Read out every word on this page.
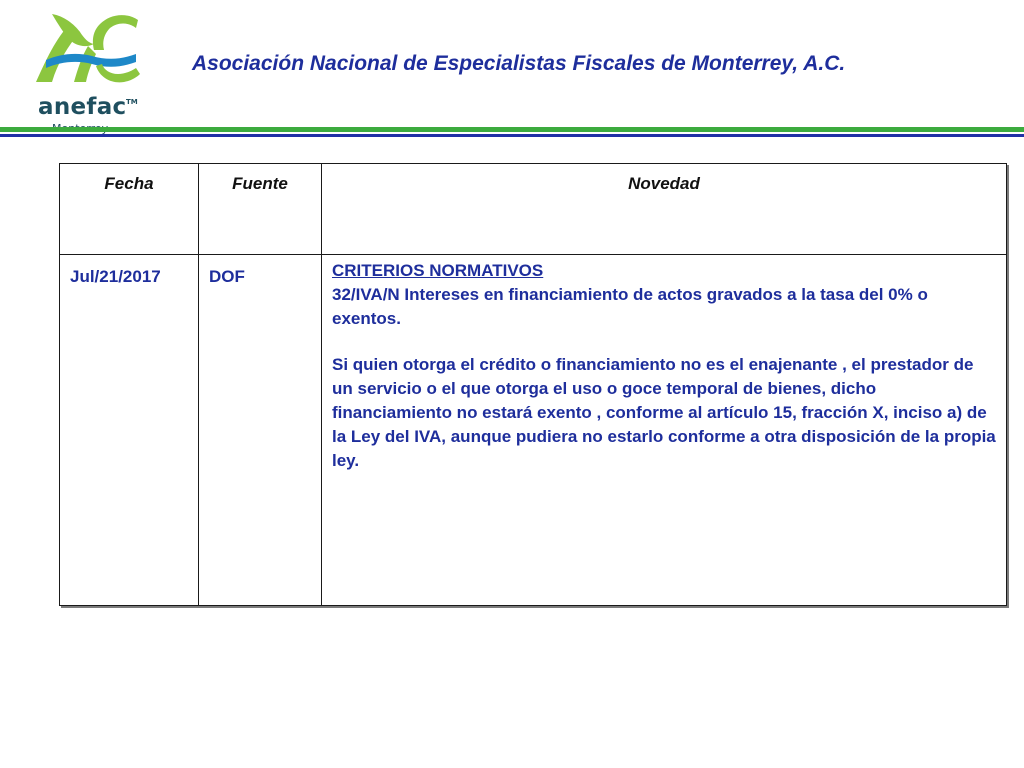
anefac TM
Asociación Nacional de Especialistas Fiscales de Monterrey, A.C.
Fecha	Fuente	Novedad
Jul/21/2017	DOF	CRITERIOS NORMATIVOS

32/IVA/N Intereses en financiamiento de actos gravados a la tasa del 0% o exentos.

Si quien otorga el crédito o financiamiento no es el enajenante , el prestador de un servicio o el que otorga el uso o goce temporal de bienes, dicho financiamiento no estará exento , conforme al artículo 15, fracción X, inciso a) de la Ley del IVA, aunque pudiera no estarlo conforme a otra disposición de la propia ley.
